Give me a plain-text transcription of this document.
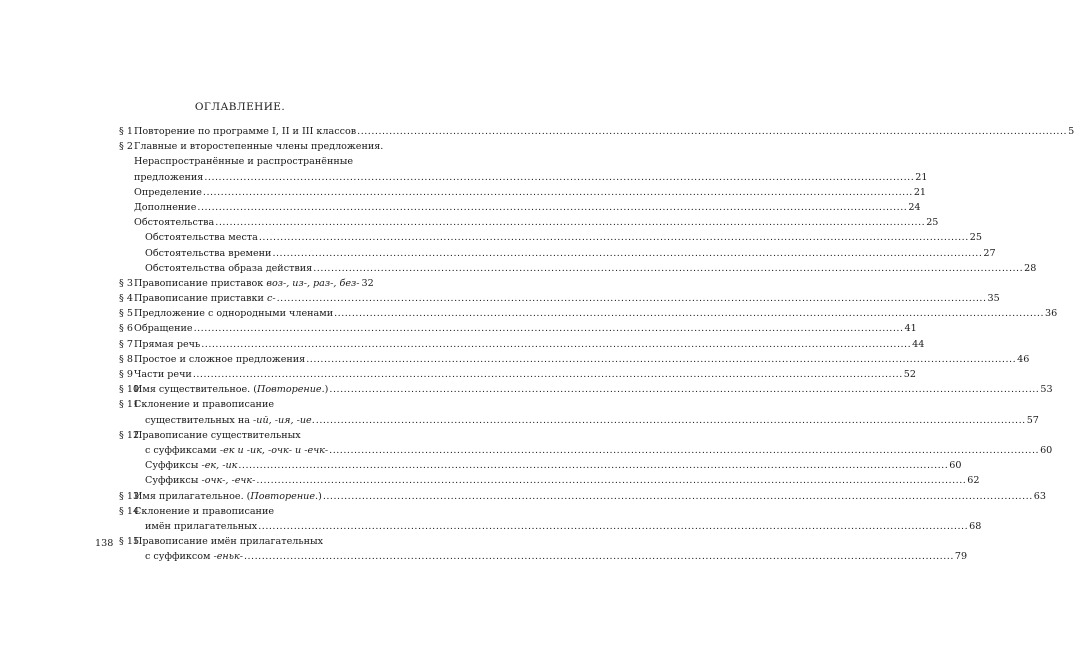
ОГЛАВЛЕНИЕ.
§ 1 Повторение по программе I, II и III классов ........................................................................................................................................................................................................ 5
§ 2 Главные и второстепенные члены предложения.
Нераспространённые и распространённые
предложения ........................................................................................................................................................................................................ 21
Определение ........................................................................................................................................................................................................ 21
Дополнение ........................................................................................................................................................................................................ 24
Обстоятельства ........................................................................................................................................................................................................ 25
Обстоятельства места ........................................................................................................................................................................................................ 25
Обстоятельства времени ........................................................................................................................................................................................................ 27
Обстоятельства образа действия ........................................................................................................................................................................................................ 28
§ 3 Правописание приставок воз-, из-, раз-, без- 32
§ 4 Правописание приставки с- ........................................................................................................................................................................................................ 35
§ 5 Предложение с однородными членами ........................................................................................................................................................................................................ 36
§ 6 Обращение ........................................................................................................................................................................................................ 41
§ 7 Прямая речь ........................................................................................................................................................................................................ 44
§ 8 Простое и сложное предложения ........................................................................................................................................................................................................ 46
§ 9 Части речи ........................................................................................................................................................................................................ 52
§ 10
Имя существительное. (Повторение.) ........................................................................................................................................................................................................ 53
§ 11
Склонение и правописание
существительных на -ий, -ия, -ие. ........................................................................................................................................................................................................ 57
§ 12
Правописание существительных
с суффиксами -ек и -ик, -очк- и -ечк- ........................................................................................................................................................................................................ 60
Суффиксы -ек, -ик ........................................................................................................................................................................................................ 60
Суффиксы -очк-, -ечк- ........................................................................................................................................................................................................ 62
§ 13
Имя прилагательное. (Повторение.) ........................................................................................................................................................................................................ 63
§ 14
Склонение и правописание
имён прилагательных ........................................................................................................................................................................................................ 68
§ 15
Правописание имён прилагательных
с суффиксом -еньк- ........................................................................................................................................................................................................ 79
138
